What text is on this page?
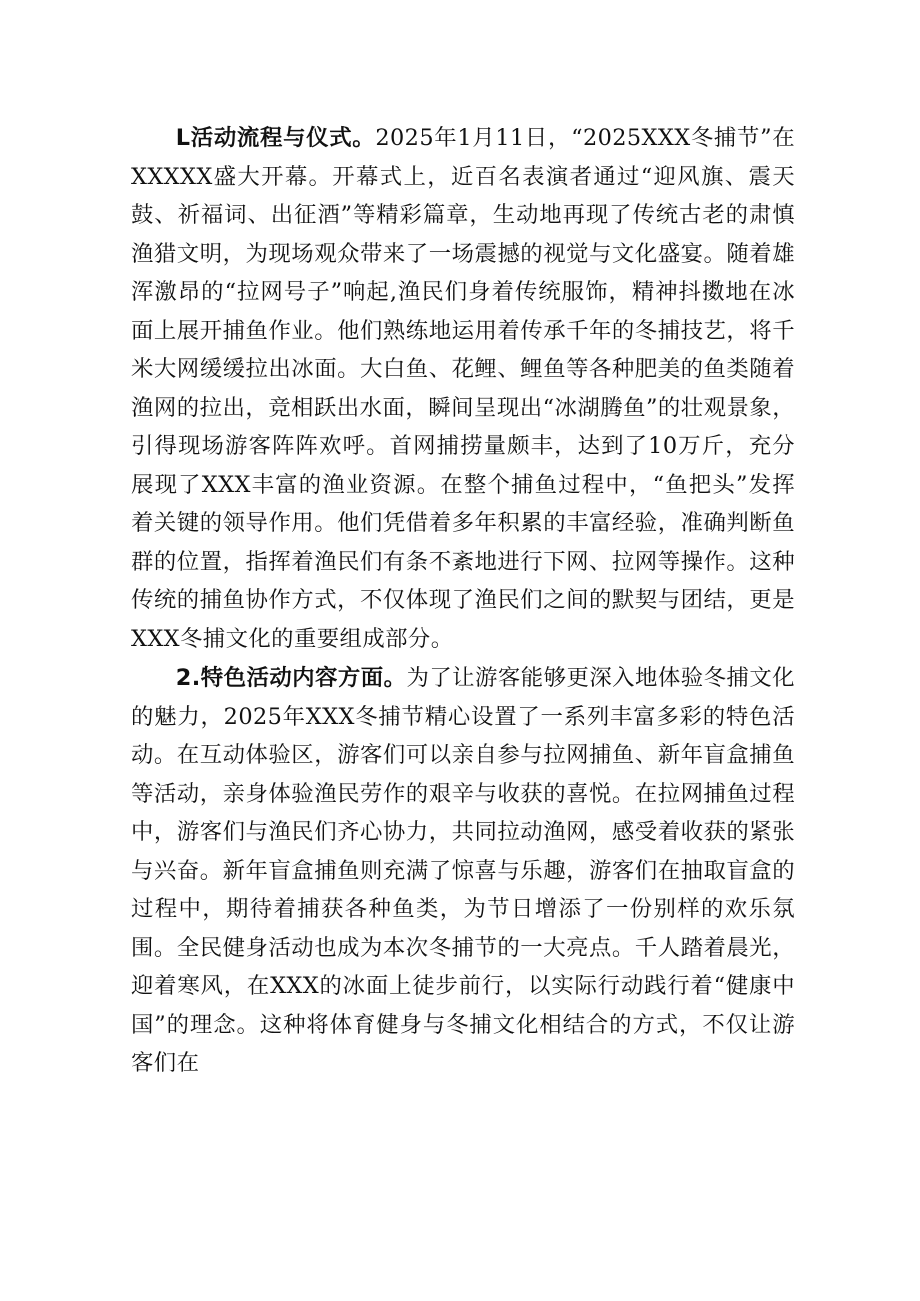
L活动流程与仪式。2025年1月11日，“2025XXX冬捕节”在XXXXX盛大开幕。开幕式上，近百名表演者通过“迎风旗、震天鼓、祈福词、出征酒”等精彩篇章，生动地再现了传统古老的肃慎渔猎文明，为现场观众带来了一场震撼的视觉与文化盛宴。随着雄浑激昂的“拉网号子”响起,渔民们身着传统服饰，精神抖擞地在冰面上展开捕鱼作业。他们熟练地运用着传承千年的冬捕技艺，将千米大网缓缓拉出冰面。大白鱼、花鲤、鲤鱼等各种肥美的鱼类随着渔网的拉出，竞相跃出水面，瞬间呈现出“冰湖腾鱼”的壮观景象，引得现场游客阵阵欢呼。首网捕捞量颇丰，达到了10万斤，充分展现了XXX丰富的渔业资源。在整个捕鱼过程中，“鱼把头”发挥着关键的领导作用。他们凭借着多年积累的丰富经验，准确判断鱼群的位置，指挥着渔民们有条不紊地进行下网、拉网等操作。这种传统的捕鱼协作方式，不仅体现了渔民们之间的默契与团结，更是XXX冬捕文化的重要组成部分。

2.特色活动内容方面。为了让游客能够更深入地体验冬捕文化的魅力，2025年XXX冬捕节精心设置了一系列丰富多彩的特色活动。在互动体验区，游客们可以亲自参与拉网捕鱼、新年盲盒捕鱼等活动，亲身体验渔民劳作的艰辛与收获的喜悦。在拉网捕鱼过程中，游客们与渔民们齐心协力，共同拉动渔网，感受着收获的紧张与兴奋。新年盲盒捕鱼则充满了惊喜与乐趣，游客们在抽取盲盒的过程中，期待着捕获各种鱼类，为节日增添了一份别样的欢乐氛围。全民健身活动也成为本次冬捕节的一大亮点。千人踏着晨光，迎着寒风，在XXX的冰面上徒步前行，以实际行动践行着“健康中国”的理念。这种将体育健身与冬捕文化相结合的方式，不仅让游客们在
